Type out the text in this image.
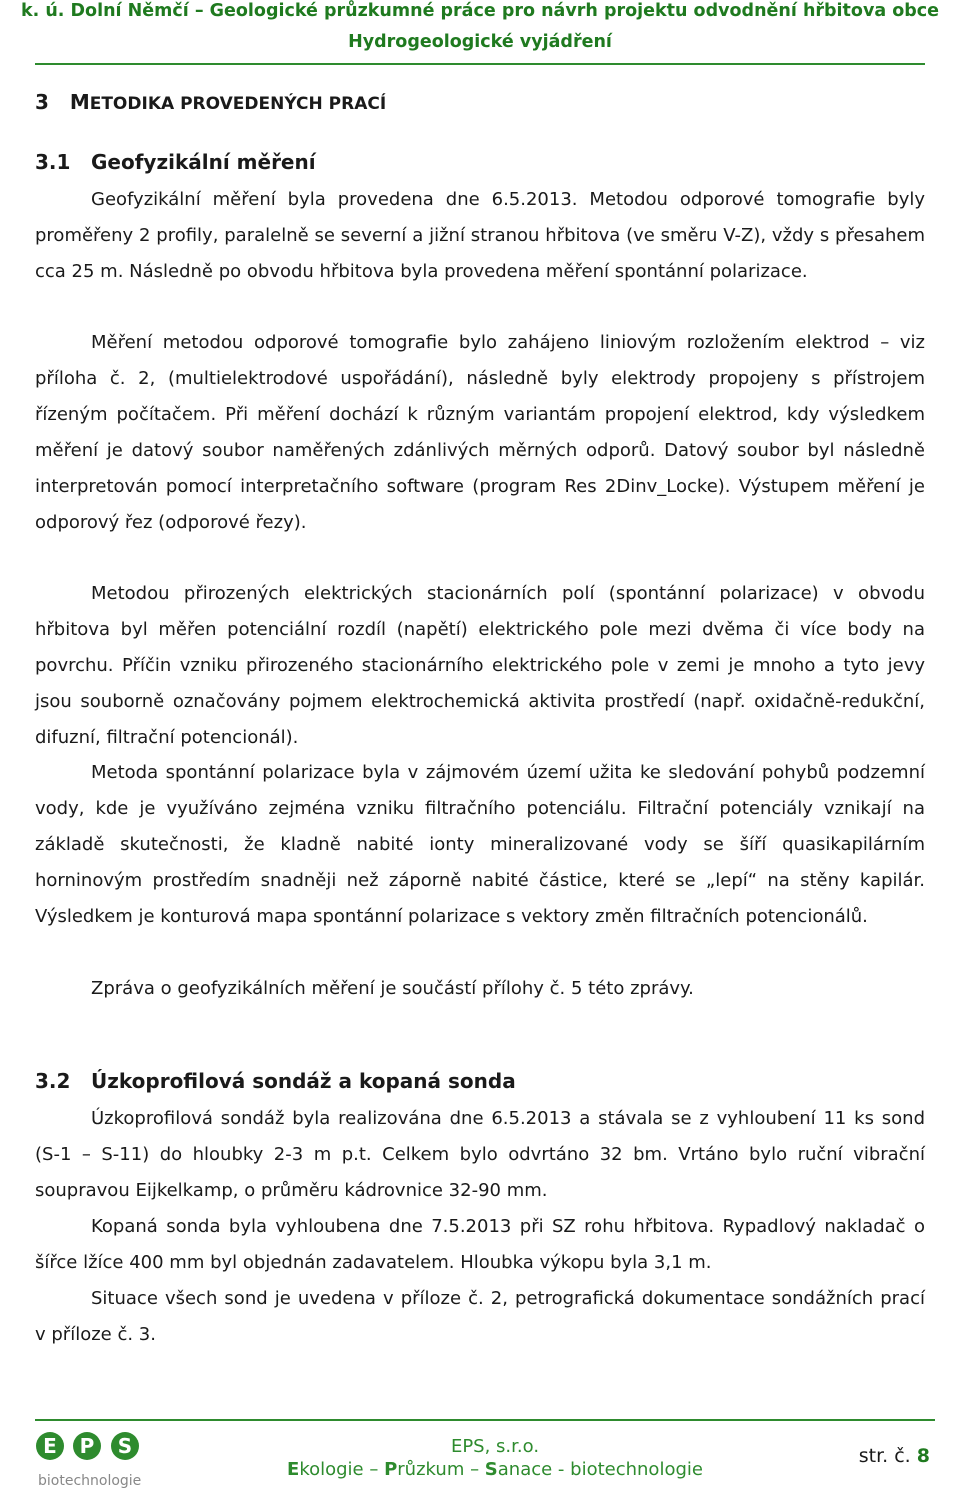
k. ú. Dolní Němčí – Geologické průzkumné práce pro návrh projektu odvodnění hřbitova obce
Hydrogeologické vyjádření
3 METODIKA PROVEDENÝCH PRACÍ
3.1 Geofyzikální měření
Geofyzikální měření byla provedena dne 6.5.2013. Metodou odporové tomografie byly proměřeny 2 profily, paralelně se severní a jižní stranou hřbitova (ve směru V-Z), vždy s přesahem cca 25 m. Následně po obvodu hřbitova byla provedena měření spontánní polarizace.
Měření metodou odporové tomografie bylo zahájeno liniovým rozložením elektrod – viz příloha č. 2, (multielektrodové uspořádání), následně byly elektrody propojeny s přístrojem řízeným počítačem. Při měření dochází k různým variantám propojení elektrod, kdy výsledkem měření je datový soubor naměřených zdánlivých měrných odporů. Datový soubor byl následně interpretován pomocí interpretačního software (program Res 2Dinv_Locke). Výstupem měření je odporový řez (odporové řezy).
Metodou přirozených elektrických stacionárních polí (spontánní polarizace) v obvodu hřbitova byl měřen potenciální rozdíl (napětí) elektrického pole mezi dvěma či více body na povrchu. Příčin vzniku přirozeného stacionárního elektrického pole v zemi je mnoho a tyto jevy jsou souborně označovány pojmem elektrochemická aktivita prostředí (např. oxidačně-redukční, difuzní, filtrační potencionál).
Metoda spontánní polarizace byla v zájmovém území užita ke sledování pohybů podzemní vody, kde je využíváno zejména vzniku filtračního potenciálu. Filtrační potenciály vznikají na základě skutečnosti, že kladně nabité ionty mineralizované vody se šíří quasikapilárním horninovým prostředím snadněji než záporně nabité částice, které se „lepí“ na stěny kapilár. Výsledkem je konturová mapa spontánní polarizace s vektory změn filtračních potencionálů.
Zpráva o geofyzikálních měření je součástí přílohy č. 5 této zprávy.
3.2 Úzkoprofilová sondáž a kopaná sonda
Úzkoprofilová sondáž byla realizována dne 6.5.2013 a stávala se z vyhloubení 11 ks sond (S-1 – S-11) do hloubky 2-3 m p.t. Celkem bylo odvrtáno 32 bm. Vrtáno bylo ruční vibrační soupravou Eijkelkamp, o průměru kádrovnice 32-90 mm.
Kopaná sonda byla vyhloubena dne 7.5.2013 při SZ rohu hřbitova. Rypadlový nakladač o šířce lžíce 400 mm byl objednán zadavatelem. Hloubka výkopu byla 3,1 m.
Situace všech sond je uvedena v příloze č. 2, petrografická dokumentace sondážních prací v příloze č. 3.
E P S
biotechnologie
EPS, s.r.o.
Ekologie – Průzkum – Sanace - biotechnologie
str. č. 8
